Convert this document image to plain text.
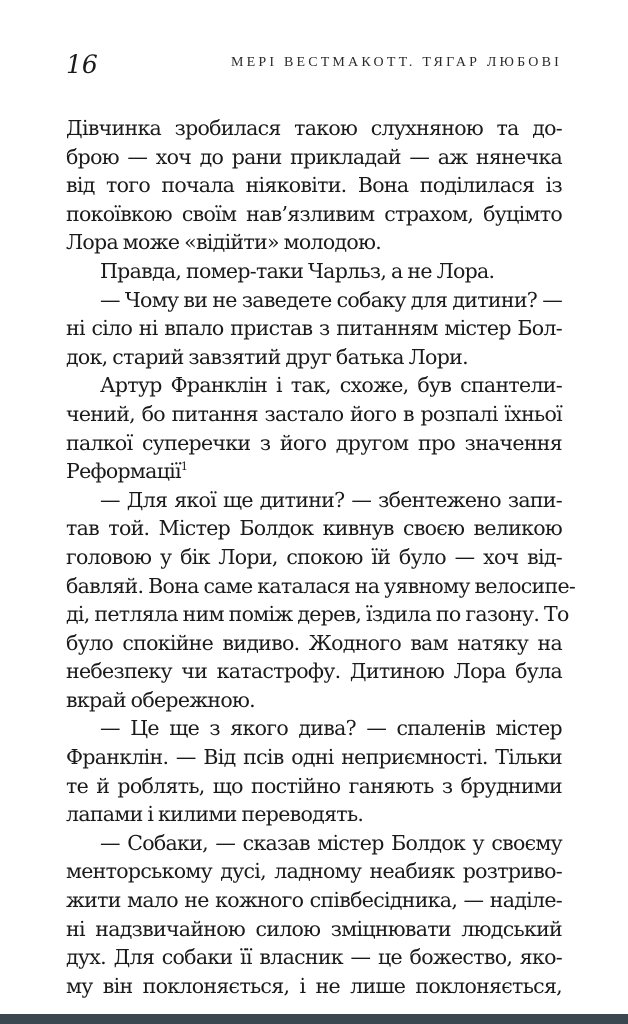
16	МЕРІ ВЕСТМАКОТТ. ТЯГАР ЛЮБОВІ
Дівчинка зробилася такою слухняною та до-
брою — хоч до рани прикладай — аж нянечка
від того почала ніяковіти. Вона поділилася із
покоївкою своїм нав’язливим страхом, буцімто
Лора може «відійти» молодою.
Правда, помер-таки Чарльз, а не Лора.
— Чому ви не заведете собаку для дитини? —
ні сіло ні впало пристав з питанням містер Бол-
док, старий завзятий друг батька Лори.
Артур Франклін і так, схоже, був спантели-
чений, бо питання застало його в розпалі їхньої
палкої суперечки з його другом про значення
Реформації$^1$
— Для якої ще дитини? — збентежено запи-
тав той. Містер Болдок кивнув своєю великою
головою у бік Лори, спокою їй було — хоч від-
бавляй. Вона саме каталася на уявному велосипе-
ді, петляла ним поміж дерев, їздила по газону. То
було спокійне видиво. Жодного вам натяку на
небезпеку чи катастрофу. Дитиною Лора була
вкрай обережною.
— Це ще з якого дива? — спаленів містер
Франклін. — Від псів одні неприємності. Тільки
те й роблять, що постійно ганяють з брудними
лапами і килими переводять.
— Собаки, — сказав містер Болдок у своєму
менторському дусі, ладному неабияк розтриво-
жити мало не кожного співбесідника, — наділе-
ні надзвичайною силою зміцнювати людський
дух. Для собаки її власник — це божество, яко-
му він поклоняється, і не лише поклоняється,
